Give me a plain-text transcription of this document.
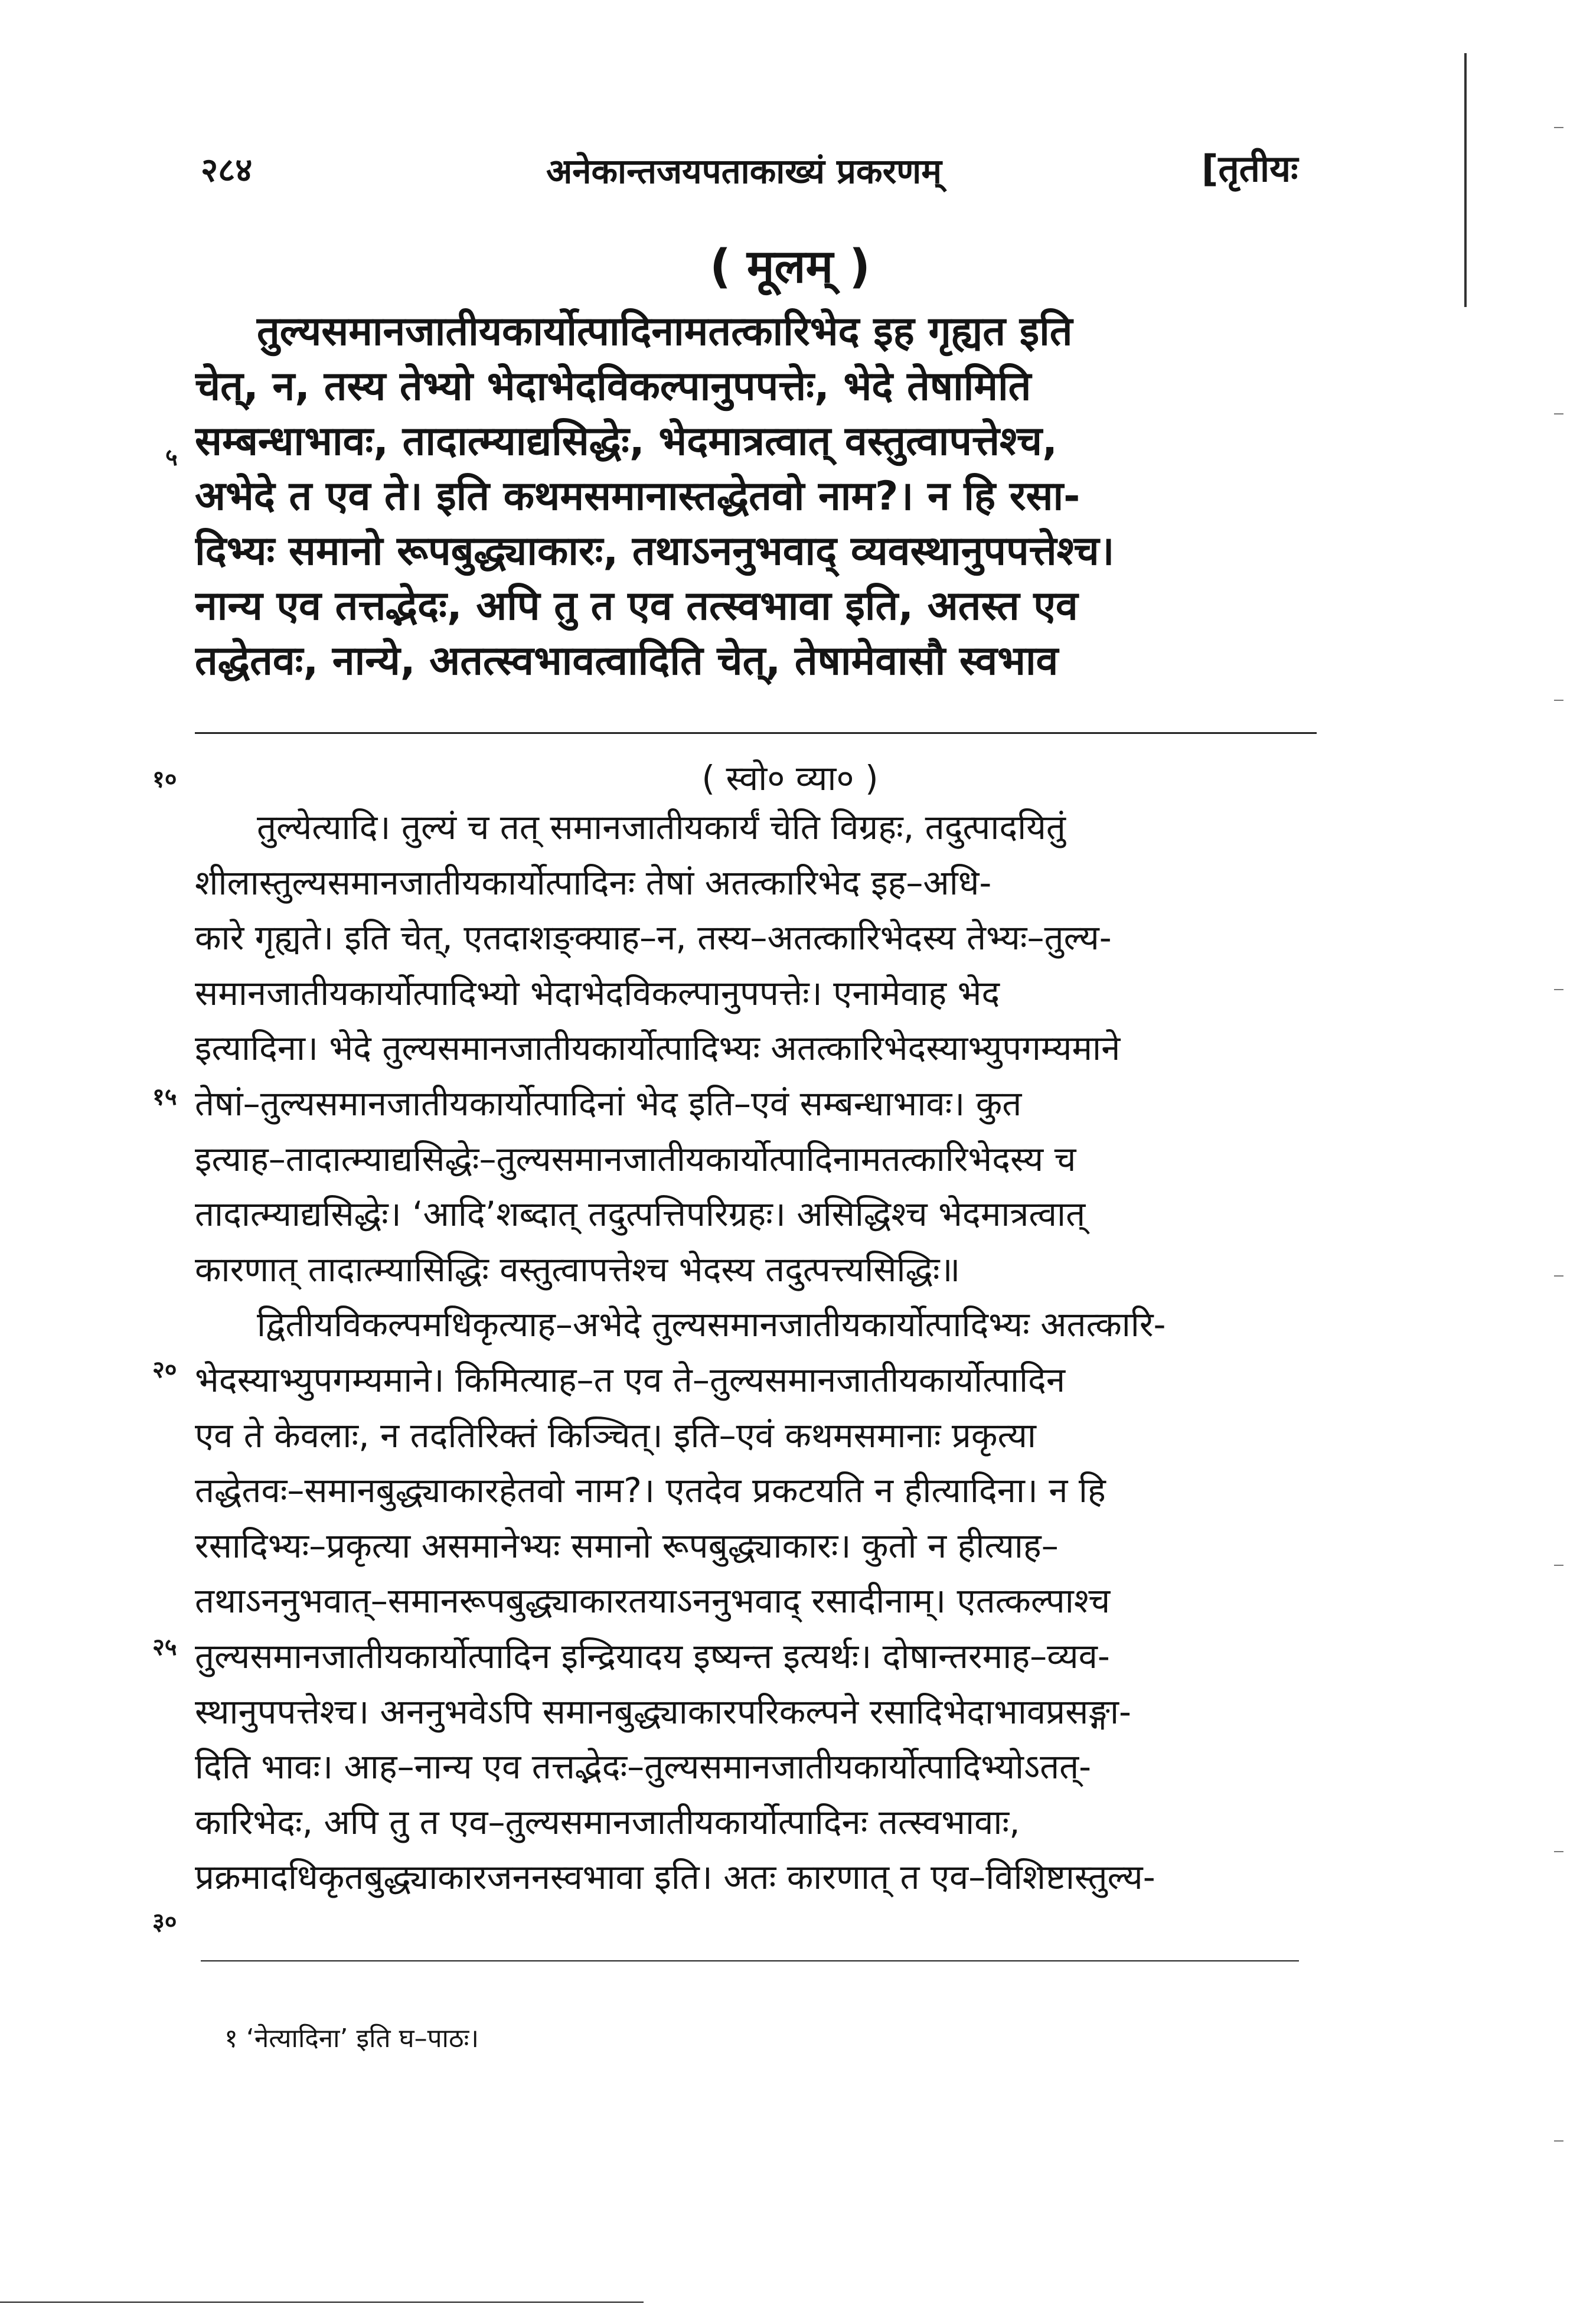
२८४	अनेकान्तजयपताकाख्यं प्रकरणम्	[तृतीयः
( मूलम् )
तुल्यसमानजातीयकार्योत्पादिनामतत्कारिभेद इह गृह्यत इति
चेत्, न, तस्य तेभ्यो भेदाभेदविकल्पानुपपत्तेः, भेदे तेषामिति
सम्बन्धाभावः, तादात्म्याद्यसिद्धेः, भेदमात्रत्वात् वस्तुत्वापत्तेश्च,
अभेदे त एव ते। इति कथमसमानास्तद्धेतवो नाम?। न हि रसा-
दिभ्यः समानो रूपबुद्ध्याकारः, तथाऽननुभवाद् व्यवस्थानुपपत्तेश्च।
नान्य एव तत्तद्भेदः, अपि तु त एव तत्स्वभावा इति, अतस्त एव
तद्धेतवः, नान्ये, अतत्स्वभावत्वादिति चेत्, तेषामेवासौ स्वभाव
५
१०	( स्वो० व्या० )
तुल्येत्यादि। तुल्यं च तत् समानजातीयकार्यं चेति विग्रहः, तदुत्पादयितुं
शीलास्तुल्यसमानजातीयकार्योत्पादिनः तेषां अतत्कारिभेद इह–अधि-
कारे गृह्यते। इति चेत्, एतदाशङ्क्याह–न, तस्य–अतत्कारिभेदस्य तेभ्यः–तुल्य-
समानजातीयकार्योत्पादिभ्यो भेदाभेदविकल्पानुपपत्तेः। एनामेवाह भेद
इत्यादिना। भेदे तुल्यसमानजातीयकार्योत्पादिभ्यः अतत्कारिभेदस्याभ्युपगम्यमाने
तेषां–तुल्यसमानजातीयकार्योत्पादिनां भेद इति–एवं सम्बन्धाभावः। कुत
इत्याह–तादात्म्याद्यसिद्धेः–तुल्यसमानजातीयकार्योत्पादिनामतत्कारिभेदस्य च
तादात्म्याद्यसिद्धेः। ‘आदि’शब्दात् तदुत्पत्तिपरिग्रहः। असिद्धिश्च भेदमात्रत्वात्
कारणात् तादात्म्यासिद्धिः वस्तुत्वापत्तेश्च भेदस्य तदुत्पत्त्यसिद्धिः॥
द्वितीयविकल्पमधिकृत्याह–अभेदे तुल्यसमानजातीयकार्योत्पादिभ्यः अतत्कारि-
भेदस्याभ्युपगम्यमाने। किमित्याह–त एव ते–तुल्यसमानजातीयकार्योत्पादिन
एव ते केवलाः, न तदतिरिक्तं किञ्चित्। इति–एवं कथमसमानाः प्रकृत्या
तद्धेतवः–समानबुद्ध्याकारहेतवो नाम?। एतदेव प्रकटयति न हीत्यादिना। न हि
रसादिभ्यः–प्रकृत्या असमानेभ्यः समानो रूपबुद्ध्याकारः। कुतो न हीत्याह–
तथाऽननुभवात्–समानरूपबुद्ध्याकारतयाऽननुभवाद् रसादीनाम्। एतत्कल्पाश्च
तुल्यसमानजातीयकार्योत्पादिन इन्द्रियादय इष्यन्त इत्यर्थः। दोषान्तरमाह–व्यव-
स्थानुपपत्तेश्च। अननुभवेऽपि समानबुद्ध्याकारपरिकल्पने रसादिभेदाभावप्रसङ्गा-
दिति भावः। आह–नान्य एव तत्तद्भेदः–तुल्यसमानजातीयकार्योत्पादिभ्योऽतत्-
कारिभेदः, अपि तु त एव–तुल्यसमानजातीयकार्योत्पादिनः तत्स्वभावाः,
प्रक्रमादधिकृतबुद्ध्याकारजननस्वभावा इति। अतः कारणात् त एव–विशिष्टास्तुल्य-
१५
२०
२५
३०
१ ‘नेत्यादिना’ इति घ–पाठः।
